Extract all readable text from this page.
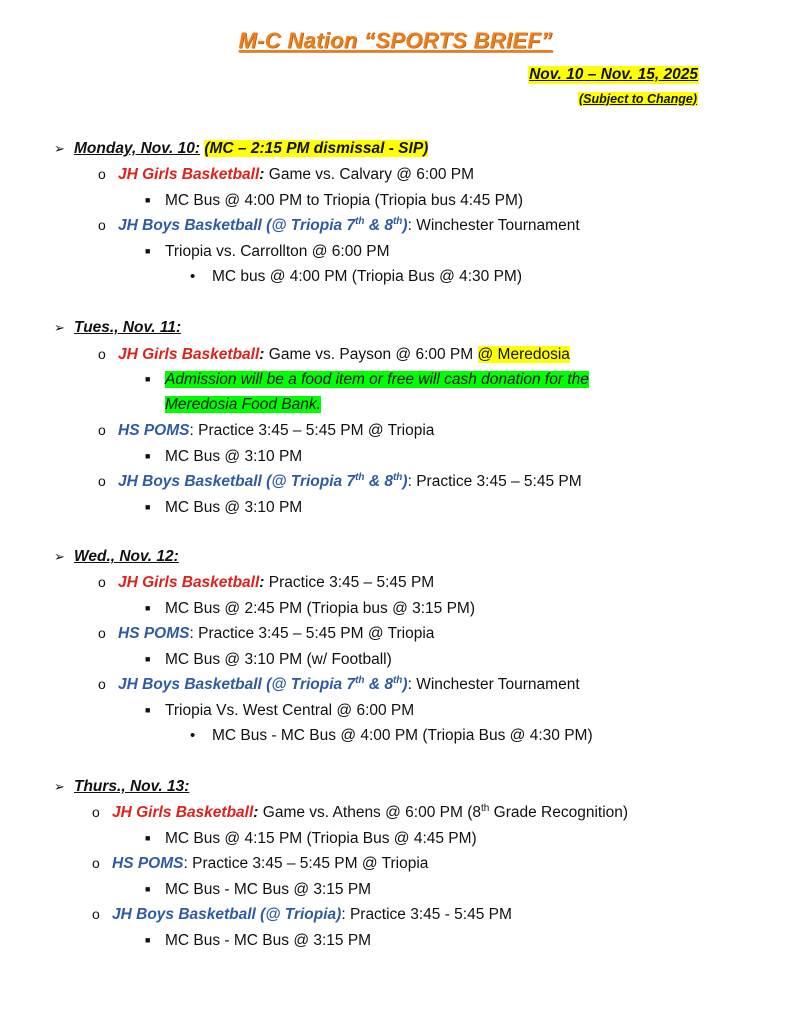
M-C Nation “SPORTS BRIEF”
Nov. 10 – Nov. 15, 2025
(Subject to Change)
➢ Monday, Nov. 10: (MC – 2:15 PM dismissal - SIP)
o JH Girls Basketball: Game vs. Calvary @ 6:00 PM
■ MC Bus @ 4:00 PM to Triopia (Triopia bus 4:45 PM)
o JH Boys Basketball (@ Triopia 7th & 8th): Winchester Tournament
■ Triopia vs. Carrollton @ 6:00 PM
• MC bus @ 4:00 PM (Triopia Bus @ 4:30 PM)
➢ Tues., Nov. 11:
o JH Girls Basketball: Game vs. Payson @ 6:00 PM @ Meredosia
■ Admission will be a food item or free will cash donation for the
Meredosia Food Bank.
o HS POMS: Practice 3:45 – 5:45 PM @ Triopia
■ MC Bus @ 3:10 PM
o JH Boys Basketball (@ Triopia 7th & 8th): Practice 3:45 – 5:45 PM
■ MC Bus @ 3:10 PM
➢ Wed., Nov. 12:
o JH Girls Basketball: Practice 3:45 – 5:45 PM
■ MC Bus @ 2:45 PM (Triopia bus @ 3:15 PM)
o HS POMS: Practice 3:45 – 5:45 PM @ Triopia
■ MC Bus @ 3:10 PM (w/ Football)
o JH Boys Basketball (@ Triopia 7th & 8th): Winchester Tournament
■ Triopia Vs. West Central @ 6:00 PM
• MC Bus - MC Bus @ 4:00 PM (Triopia Bus @ 4:30 PM)
➢ Thurs., Nov. 13:
o JH Girls Basketball: Game vs. Athens @ 6:00 PM (8th Grade Recognition)
■ MC Bus @ 4:15 PM (Triopia Bus @ 4:45 PM)
o HS POMS: Practice 3:45 – 5:45 PM @ Triopia
■ MC Bus - MC Bus @ 3:15 PM
o JH Boys Basketball (@ Triopia): Practice 3:45 - 5:45 PM
■ MC Bus - MC Bus @ 3:15 PM
